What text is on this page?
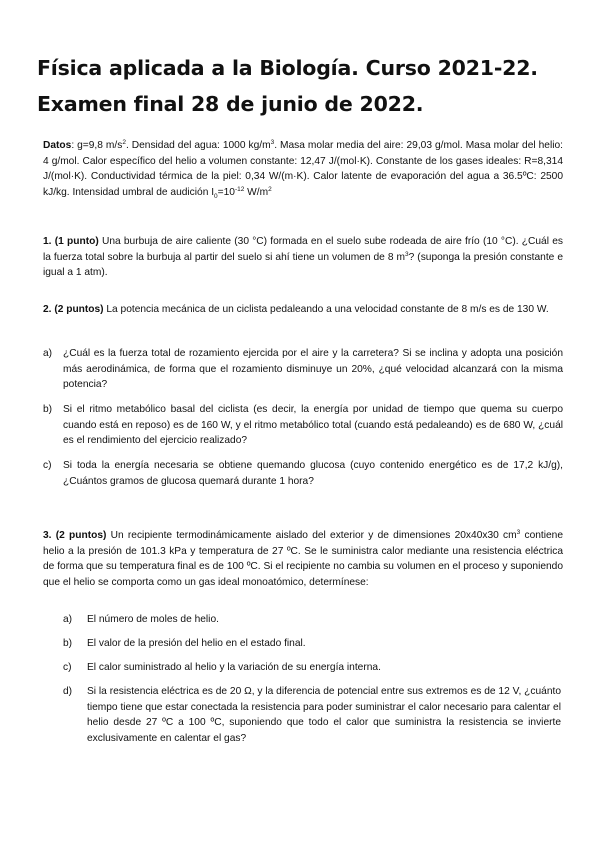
Física aplicada a la Biología. Curso 2021-22.
Examen final 28 de junio de 2022.
Datos: g=9,8 $m/s^2$. Densidad del agua: 1000 $kg/m^3$. Masa molar media del aire: 29,03 g/mol. Masa molar del helio: 4 g/mol. Calor específico del helio a volumen constante: 12,47 J/(mol·K). Constante de los gases ideales: R=8,314 J/(mol·K). Conductividad térmica de la piel: 0,34 W/(m·K). Calor latente de evaporación del agua a 36.5ºC: 2500 kJ/kg. Intensidad umbral de audición $I_0=10^{-12}$ $W/m^2$
1. (1 punto) Una burbuja de aire caliente (30 °C) formada en el suelo sube rodeada de aire frío (10 °C). ¿Cuál es la fuerza total sobre la burbuja al partir del suelo si ahí tiene un volumen de 8 $m^3$? (suponga la presión constante e igual a 1 atm).
2. (2 puntos) La potencia mecánica de un ciclista pedaleando a una velocidad constante de 8 m/s es de 130 W.
a) ¿Cuál es la fuerza total de rozamiento ejercida por el aire y la carretera? Si se inclina y adopta una posición más aerodinámica, de forma que el rozamiento disminuye un 20%, ¿qué velocidad alcanzará con la misma potencia?
b) Si el ritmo metabólico basal del ciclista (es decir, la energía por unidad de tiempo que quema su cuerpo cuando está en reposo) es de 160 W, y el ritmo metabólico total (cuando está pedaleando) es de 680 W, ¿cuál es el rendimiento del ejercicio realizado?
c) Si toda la energía necesaria se obtiene quemando glucosa (cuyo contenido energético es de 17,2 kJ/g), ¿Cuántos gramos de glucosa quemará durante 1 hora?
3. (2 puntos) Un recipiente termodinámicamente aislado del exterior y de dimensiones 20x40x30 $cm^3$ contiene helio a la presión de 101.3 kPa y temperatura de 27 ºC. Se le suministra calor mediante una resistencia eléctrica de forma que su temperatura final es de 100 ºC. Si el recipiente no cambia su volumen en el proceso y suponiendo que el helio se comporta como un gas ideal monoatómico, determínese:
a) El número de moles de helio.
b) El valor de la presión del helio en el estado final.
c) El calor suministrado al helio y la variación de su energía interna.
d) Si la resistencia eléctrica es de 20 Ω, y la diferencia de potencial entre sus extremos es de 12 V, ¿cuánto tiempo tiene que estar conectada la resistencia para poder suministrar el calor necesario para calentar el helio desde 27 ºC a 100 ºC, suponiendo que todo el calor que suministra la resistencia se invierte exclusivamente en calentar el gas?
